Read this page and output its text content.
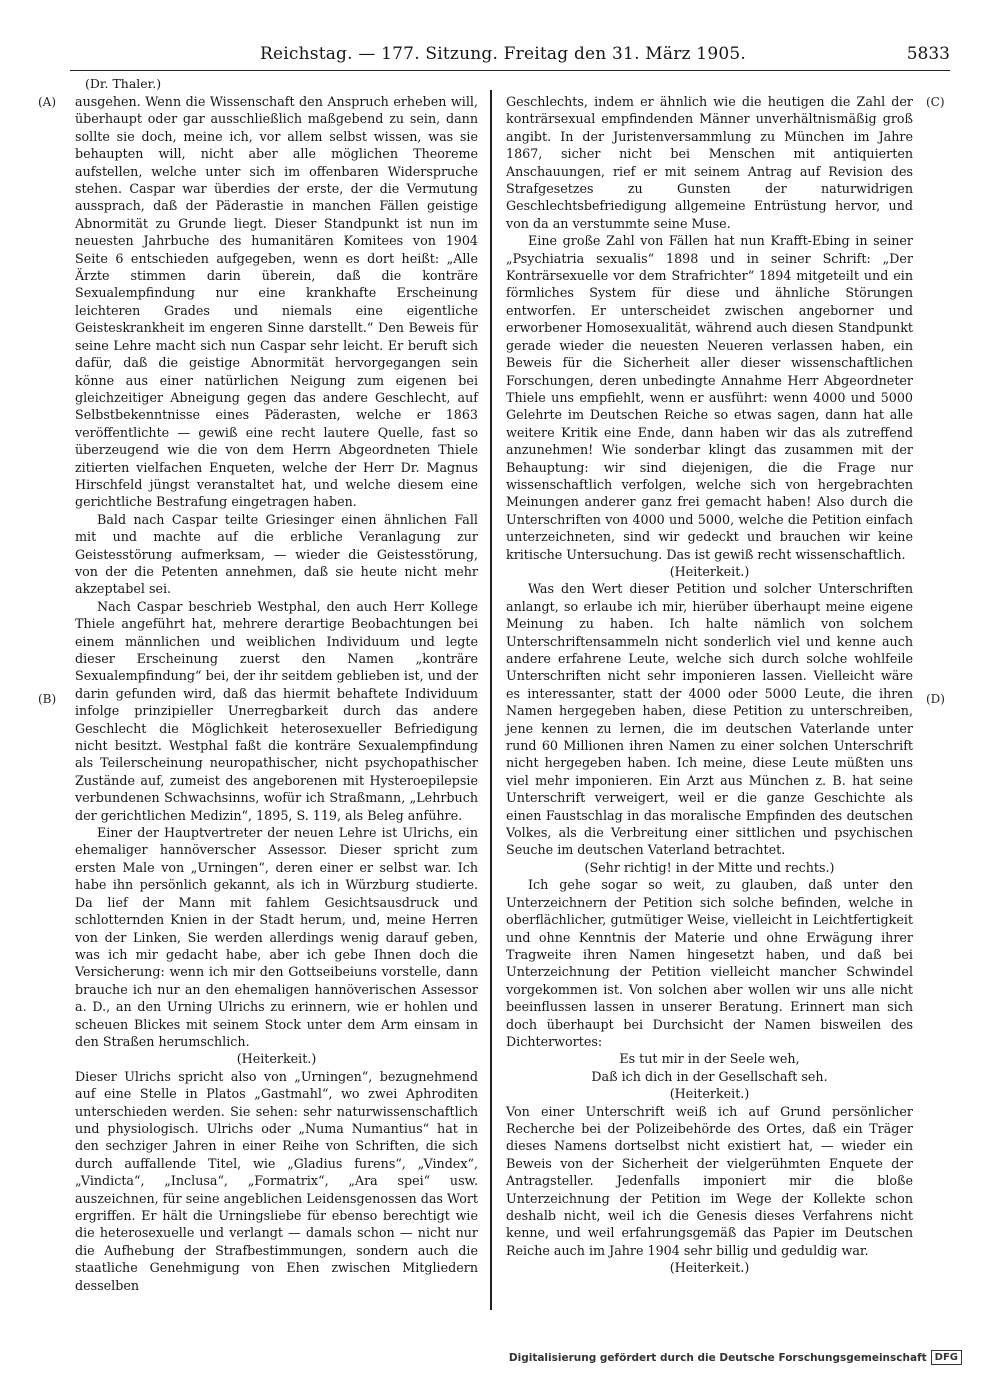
Reichstag. — 177. Sitzung. Freitag den 31. März 1905.	5833
(Dr. Thaler.)
(A)
(B)
(C)
(D)

ausgehen. Wenn die Wissenschaft den Anspruch erheben will, überhaupt oder gar ausschließlich maßgebend zu sein, dann sollte sie doch, meine ich, vor allem selbst wissen, was sie behaupten will, nicht aber alle möglichen Theoreme aufstellen, welche unter sich im offenbaren Widerspruche stehen. Caspar war überdies der erste, der die Vermutung aussprach, daß der Päderastie in manchen Fällen geistige Abnormität zu Grunde liegt. Dieser Standpunkt ist nun im neuesten Jahrbuche des humanitären Komitees von 1904 Seite 6 entschieden aufgegeben, wenn es dort heißt: „Alle Ärzte stimmen darin überein, daß die konträre Sexualempfindung nur eine krankhafte Erscheinung leichteren Grades und niemals eine eigentliche Geisteskrankheit im engeren Sinne darstellt.“ Den Beweis für seine Lehre macht sich nun Caspar sehr leicht. Er beruft sich dafür, daß die geistige Abnormität hervorgegangen sein könne aus einer natürlichen Neigung zum eigenen bei gleichzeitiger Abneigung gegen das andere Geschlecht, auf Selbstbekenntnisse eines Päderasten, welche er 1863 veröffentlichte — gewiß eine recht lautere Quelle, fast so überzeugend wie die von dem Herrn Abgeordneten Thiele zitierten vielfachen Enqueten, welche der Herr Dr. Magnus Hirschfeld jüngst veranstaltet hat, und welche diesem eine gerichtliche Bestrafung eingetragen haben.

Bald nach Caspar teilte Griesinger einen ähnlichen Fall mit und machte auf die erbliche Veranlagung zur Geistesstörung aufmerksam, — wieder die Geistesstörung, von der die Petenten annehmen, daß sie heute nicht mehr akzeptabel sei.

Nach Caspar beschrieb Westphal, den auch Herr Kollege Thiele angeführt hat, mehrere derartige Beobachtungen bei einem männlichen und weiblichen Individuum und legte dieser Erscheinung zuerst den Namen „konträre Sexualempfindung“ bei, der ihr seitdem geblieben ist, und der darin gefunden wird, daß das hiermit behaftete Individuum infolge prinzipieller Unerregbarkeit durch das andere Geschlecht die Möglichkeit heterosexueller Befriedigung nicht besitzt. Westphal faßt die konträre Sexualempfindung als Teilerscheinung neuropathischer, nicht psychopathischer Zustände auf, zumeist des angeborenen mit Hysteroepilepsie verbundenen Schwachsinns, wofür ich Straßmann, „Lehrbuch der gerichtlichen Medizin“, 1895, S. 119, als Beleg anführe.

Einer der Hauptvertreter der neuen Lehre ist Ulrichs, ein ehemaliger hannöverscher Assessor. Dieser spricht zum ersten Male von „Urningen“, deren einer er selbst war. Ich habe ihn persönlich gekannt, als ich in Würzburg studierte. Da lief der Mann mit fahlem Gesichtsausdruck und schlotternden Knien in der Stadt herum, und, meine Herren von der Linken, Sie werden allerdings wenig darauf geben, was ich mir gedacht habe, aber ich gebe Ihnen doch die Versicherung: wenn ich mir den Gottseibeiuns vorstelle, dann brauche ich nur an den ehemaligen hannöverischen Assessor a. D., an den Urning Ulrichs zu erinnern, wie er hohlen und scheuen Blickes mit seinem Stock unter dem Arm einsam in den Straßen herumschlich.

(Heiterkeit.)

Dieser Ulrichs spricht also von „Urningen“, bezugnehmend auf eine Stelle in Platos „Gastmahl“, wo zwei Aphroditen unterschieden werden. Sie sehen: sehr naturwissenschaftlich und physiologisch. Ulrichs oder „Numa Numantius“ hat in den sechziger Jahren in einer Reihe von Schriften, die sich durch auffallende Titel, wie „Gladius furens“, „Vindex“, „Vindicta“, „Inclusa“, „Formatrix“, „Ara spei“ usw. auszeichnen, für seine angeblichen Leidensgenossen das Wort ergriffen. Er hält die Urningsliebe für ebenso berechtigt wie die heterosexuelle und verlangt — damals schon — nicht nur die Aufhebung der Strafbestimmungen, sondern auch die staatliche Genehmigung von Ehen zwischen Mitgliedern desselben

Geschlechts, indem er ähnlich wie die heutigen die Zahl der konträrsexual empfindenden Männer unverhältnismäßig groß angibt. In der Juristenversammlung zu München im Jahre 1867, sicher nicht bei Menschen mit antiquierten Anschauungen, rief er mit seinem Antrag auf Revision des Strafgesetzes zu Gunsten der naturwidrigen Geschlechtsbefriedigung allgemeine Entrüstung hervor, und von da an verstummte seine Muse.

Eine große Zahl von Fällen hat nun Krafft-Ebing in seiner „Psychiatria sexualis“ 1898 und in seiner Schrift: „Der Konträrsexuelle vor dem Strafrichter“ 1894 mitgeteilt und ein förmliches System für diese und ähnliche Störungen entworfen. Er unterscheidet zwischen angeborner und erworbener Homosexualität, während auch diesen Standpunkt gerade wieder die neuesten Neueren verlassen haben, ein Beweis für die Sicherheit aller dieser wissenschaftlichen Forschungen, deren unbedingte Annahme Herr Abgeordneter Thiele uns empfiehlt, wenn er ausführt: wenn 4000 und 5000 Gelehrte im Deutschen Reiche so etwas sagen, dann hat alle weitere Kritik eine Ende, dann haben wir das als zutreffend anzunehmen! Wie sonderbar klingt das zusammen mit der Behauptung: wir sind diejenigen, die die Frage nur wissenschaftlich verfolgen, welche sich von hergebrachten Meinungen anderer ganz frei gemacht haben! Also durch die Unterschriften von 4000 und 5000, welche die Petition einfach unterzeichneten, sind wir gedeckt und brauchen wir keine kritische Untersuchung. Das ist gewiß recht wissenschaftlich.

(Heiterkeit.)

Was den Wert dieser Petition und solcher Unterschriften anlangt, so erlaube ich mir, hierüber überhaupt meine eigene Meinung zu haben. Ich halte nämlich von solchem Unterschriftensammeln nicht sonderlich viel und kenne auch andere erfahrene Leute, welche sich durch solche wohlfeile Unterschriften nicht sehr imponieren lassen. Vielleicht wäre es interessanter, statt der 4000 oder 5000 Leute, die ihren Namen hergegeben haben, diese Petition zu unterschreiben, jene kennen zu lernen, die im deutschen Vaterlande unter rund 60 Millionen ihren Namen zu einer solchen Unterschrift nicht hergegeben haben. Ich meine, diese Leute müßten uns viel mehr imponieren. Ein Arzt aus München z. B. hat seine Unterschrift verweigert, weil er die ganze Geschichte als einen Faustschlag in das moralische Empfinden des deutschen Volkes, als die Verbreitung einer sittlichen und psychischen Seuche im deutschen Vaterland betrachtet.

(Sehr richtig! in der Mitte und rechts.)

Ich gehe sogar so weit, zu glauben, daß unter den Unterzeichnern der Petition sich solche befinden, welche in oberflächlicher, gutmütiger Weise, vielleicht in Leichtfertigkeit und ohne Kenntnis der Materie und ohne Erwägung ihrer Tragweite ihren Namen hingesetzt haben, und daß bei Unterzeichnung der Petition vielleicht mancher Schwindel vorgekommen ist. Von solchen aber wollen wir uns alle nicht beeinflussen lassen in unserer Beratung. Erinnert man sich doch überhaupt bei Durchsicht der Namen bisweilen des Dichterwortes:

Es tut mir in der Seele weh,

Daß ich dich in der Gesellschaft seh.

(Heiterkeit.)

Von einer Unterschrift weiß ich auf Grund persönlicher Recherche bei der Polizeibehörde des Ortes, daß ein Träger dieses Namens dortselbst nicht existiert hat, — wieder ein Beweis von der Sicherheit der vielgerühmten Enquete der Antragsteller. Jedenfalls imponiert mir die bloße Unterzeichnung der Petition im Wege der Kollekte schon deshalb nicht, weil ich die Genesis dieses Verfahrens nicht kenne, und weil erfahrungsgemäß das Papier im Deutschen Reiche auch im Jahre 1904 sehr billig und geduldig war.

(Heiterkeit.)

Digitalisierung gefördert durch die Deutsche Forschungsgemeinschaft DFG
